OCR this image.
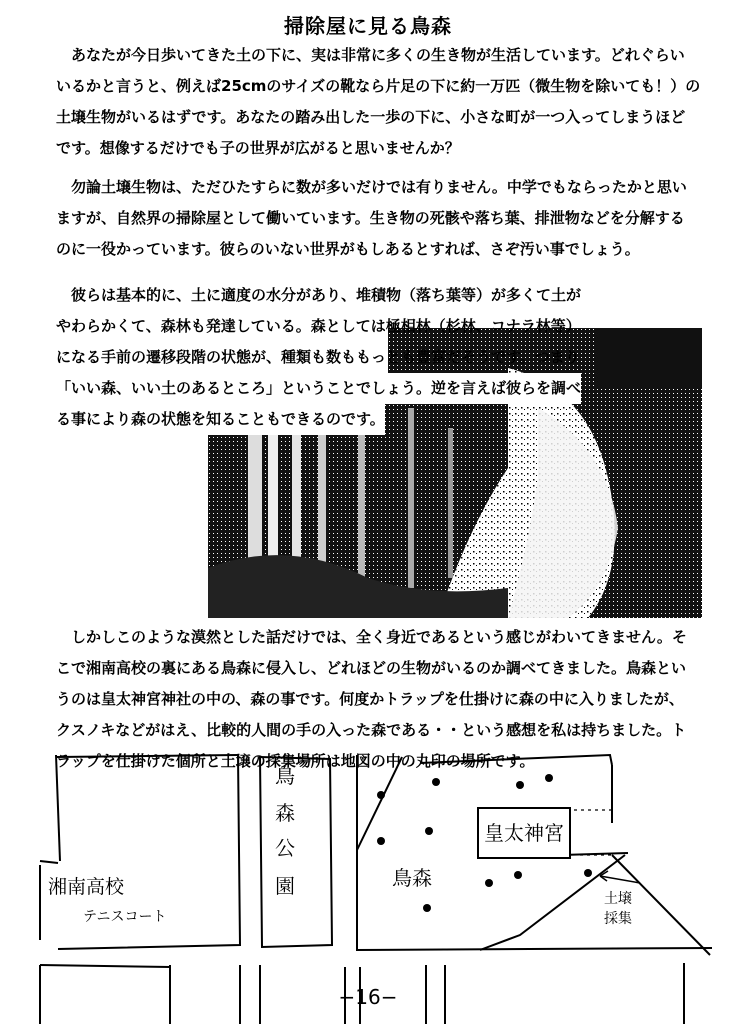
掃除屋に見る鳥森

　あなたが今日歩いてきた土の下に、実は非常に多くの生き物が生活しています。どれぐらい

いるかと言うと、例えば25cmのサイズの靴なら片足の下に約一万匹（微生物を除いても！）の

土壌生物がいるはずです。あなたの踏み出した一歩の下に、小さな町が一つ入ってしまうほど

です。想像するだけでも子の世界が広がると思いませんか？

　勿論土壌生物は、ただひたすらに数が多いだけでは有りません。中学でもならったかと思い

ますが、自然界の掃除屋として働いています。生き物の死骸や落ち葉、排泄物などを分解する

のに一役かっています。彼らのいない世界がもしあるとすれば、さぞ汚い事でしょう。

　彼らは基本的に、土に適度の水分があり、堆積物（落ち葉等）が多くて土が

やわらかくて、森林も発達している。森としては極相林（杉林、コナラ林等）

になる手前の遷移段階の状態が、種類も数ももっとも豊富だそうです。つまり

「いい森、いい土のあるところ」ということでしょう。逆を言えば彼らを調べ

る事により森の状態を知ることもできるのです。

　しかしこのような漠然とした話だけでは、全く身近であるという感じがわいてきません。そ

こで湘南高校の裏にある鳥森に侵入し、どれほどの生物がいるのか調べてきました。鳥森とい

うのは皇太神宮神社の中の、森の事です。何度かトラップを仕掛けに森の中に入りましたが、

クスノキなどがはえ、比較的人間の手の入った森である・・という感想を私は持ちました。ト

ラップを仕掛けた個所と土壌の採集場所は地図の中の丸印の場所です。

鳥
森
公
園
湘南高校
テニスコート
鳥森
皇太神宮
土壌
採集
−16−
